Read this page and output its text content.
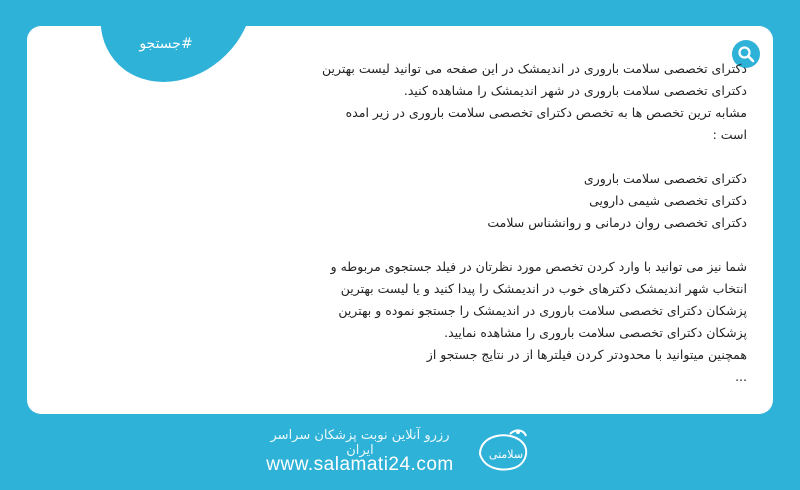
#جستجو

دکترای تخصصی سلامت باروری در اندیمشک در این صفحه می توانید لیست بهترین دکترای تخصصی سلامت باروری در شهر اندیمشک را مشاهده کنید.

مشابه ترین تخصص ها به تخصص دکترای تخصصی سلامت باروری در زیر امده است :

دکترای تخصصی سلامت باروری

دکترای تخصصی شیمی دارویی

دکترای تخصصی روان درمانی و روانشناس سلامت

شما نیز می توانید با وارد کردن تخصص مورد نظرتان در فیلد جستجوی مربوطه و انتخاب شهر اندیمشک دکترهای خوب در اندیمشک را پیدا کنید و یا لیست بهترین پزشکان دکترای تخصصی سلامت باروری در اندیمشک را جستجو نموده و بهترین پزشکان دکترای تخصصی سلامت باروری را مشاهده نمایید.

همچنین میتوانید با محدودتر کردن فیلترها از در نتایج جستجو از

...

سلامتی
رزرو آنلاین نوبت پزشکان سراسر ایران
www.salamati24.com
